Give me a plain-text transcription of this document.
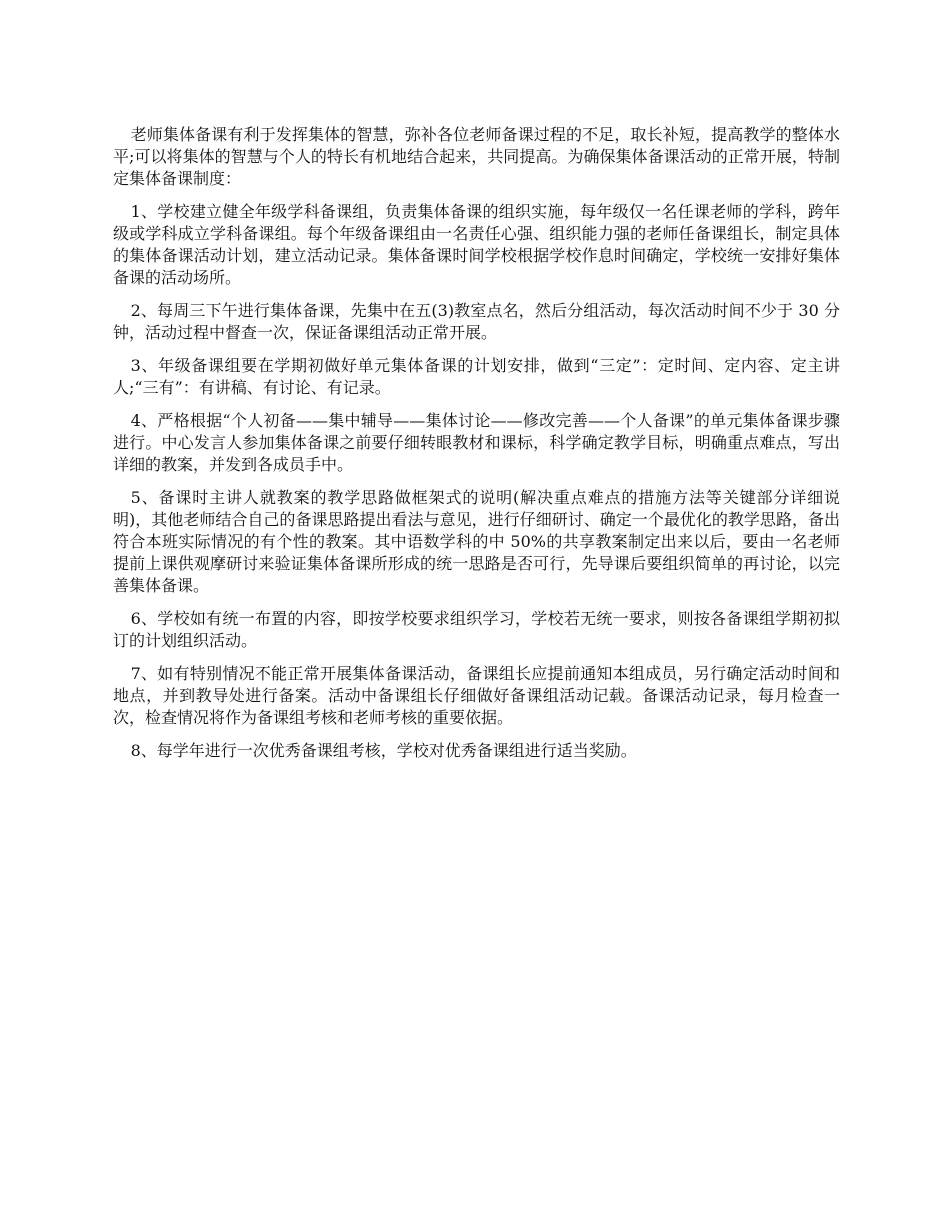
老师集体备课有利于发挥集体的智慧，弥补各位老师备课过程的不足，取长补短，提高教学的整体水平;可以将集体的智慧与个人的特长有机地结合起来，共同提高。为确保集体备课活动的正常开展，特制定集体备课制度：

1、学校建立健全年级学科备课组，负责集体备课的组织实施，每年级仅一名任课老师的学科，跨年级或学科成立学科备课组。每个年级备课组由一名责任心强、组织能力强的老师任备课组长，制定具体的集体备课活动计划，建立活动记录。集体备课时间学校根据学校作息时间确定，学校统一安排好集体备课的活动场所。

2、每周三下午进行集体备课，先集中在五(3)教室点名，然后分组活动，每次活动时间不少于 30 分钟，活动过程中督查一次，保证备课组活动正常开展。

3、年级备课组要在学期初做好单元集体备课的计划安排，做到“三定”：定时间、定内容、定主讲人;“三有”：有讲稿、有讨论、有记录。

4、严格根据“个人初备——集中辅导——集体讨论——修改完善——个人备课”的单元集体备课步骤进行。中心发言人参加集体备课之前要仔细转眼教材和课标，科学确定教学目标，明确重点难点，写出详细的教案，并发到各成员手中。

5、备课时主讲人就教案的教学思路做框架式的说明(解决重点难点的措施方法等关键部分详细说明)，其他老师结合自己的备课思路提出看法与意见，进行仔细研讨、确定一个最优化的教学思路，备出符合本班实际情况的有个性的教案。其中语数学科的中 50%的共享教案制定出来以后，要由一名老师提前上课供观摩研讨来验证集体备课所形成的统一思路是否可行，先导课后要组织简单的再讨论，以完善集体备课。

6、学校如有统一布置的内容，即按学校要求组织学习，学校若无统一要求，则按各备课组学期初拟订的计划组织活动。

7、如有特别情况不能正常开展集体备课活动，备课组长应提前通知本组成员，另行确定活动时间和地点，并到教导处进行备案。活动中备课组长仔细做好备课组活动记载。备课活动记录，每月检查一次，检查情况将作为备课组考核和老师考核的重要依据。

8、每学年进行一次优秀备课组考核，学校对优秀备课组进行适当奖励。
